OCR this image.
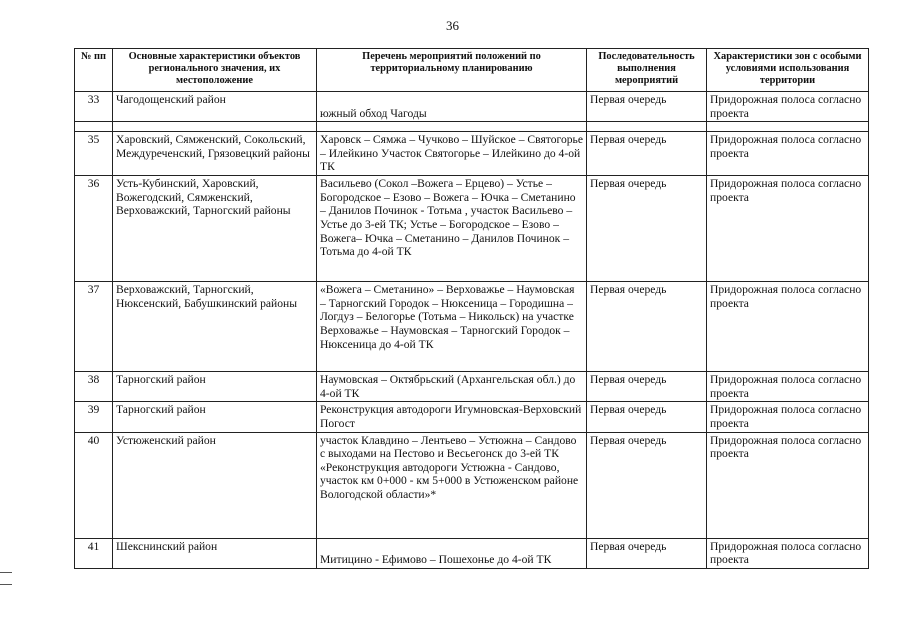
36
№ пп	Основные характеристики объектов регионального значения, их местоположение	Перечень мероприятий положений по территориальному планированию	Последовательность выполнения мероприятий	Характеристики зон с особыми условиями использования территории
33	Чагодощенский район	южный обход Чагоды	Первая очередь	Придорожная полоса согласно проекта

35	Харовский, Сямженский, Сокольский, Междуреченский, Грязовецкий районы	Харовск – Сямжа – Чучково – Шуйское – Святогорье – Илейкино Участок Святогорье – Илейкино до 4-ой ТК	Первая очередь	Придорожная полоса согласно проекта
36	Усть-Кубинский, Харовский, Вожегодский, Сямженский, Верховажский, Тарногский районы	Васильево (Сокол –Вожега – Ерцево) – Устье – Богородское – Езово – Вожега – Ючка – Сметанино – Данилов Починок - Тотьма , участок Васильево – Устье до 3-ей ТК; Устье – Богородское – Езово – Вожега– Ючка – Сметанино – Данилов Починок – Тотьма до 4-ой ТК	Первая очередь	Придорожная полоса согласно проекта
37	Верховажский, Тарногский, Нюксенский, Бабушкинский районы	«Вожега – Сметанино» – Верховажье – Наумовская – Тарногский Городок – Нюксеница – Городишна – Логдуз – Белогорье (Тотьма – Никольск) на участке Верховажье – Наумовская – Тарногский Городок – Нюксеница до 4-ой ТК	Первая очередь	Придорожная полоса согласно проекта
38	Тарногский район	Наумовская – Октябрьский (Архангельская обл.) до 4-ой ТК	Первая очередь	Придорожная полоса согласно проекта
39	Тарногский район	Реконструкция автодороги Игумновская-Верховский Погост	Первая очередь	Придорожная полоса согласно проекта
40	Устюженский район	участок Клавдино – Лентьево – Устюжна – Сандово с выходами на Пестово и Весьегонск до 3-ей ТК
«Реконструкция автодороги Устюжна - Сандово, участок км 0+000 - км 5+000 в Устюженском районе Вологодской области»*	Первая очередь	Придорожная полоса согласно проекта
41	Шекснинский район	Митицино - Ефимово – Пошехонье до 4-ой ТК	Первая очередь	Придорожная полоса согласно проекта
